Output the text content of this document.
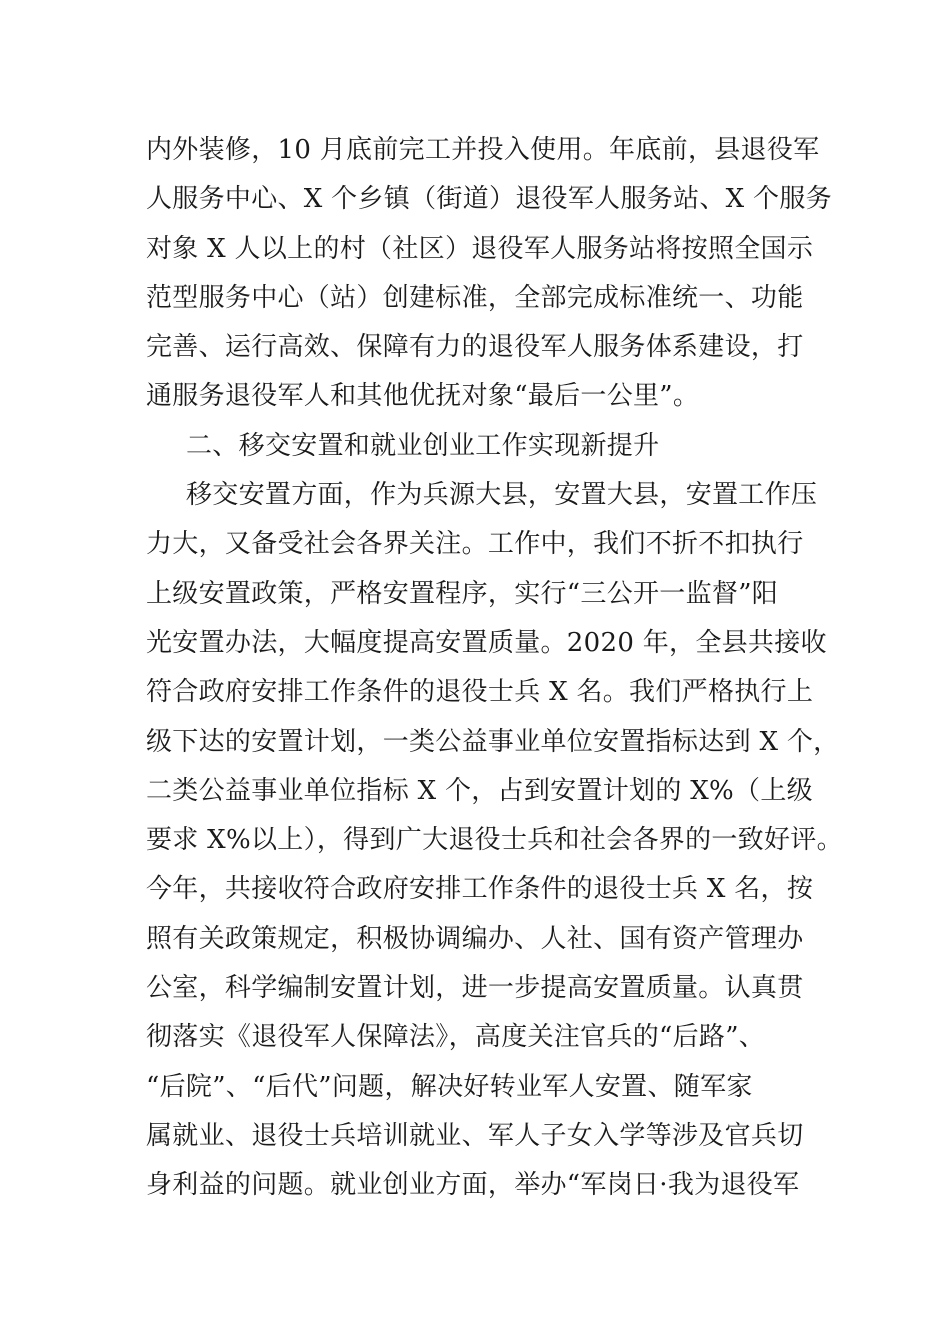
内外装修，10 月底前完工并投入使用。年底前，县退役军
人服务中心、X 个乡镇（街道）退役军人服务站、X 个服务
对象 X 人以上的村（社区）退役军人服务站将按照全国示
范型服务中心（站）创建标准，全部完成标准统一、功能
完善、运行高效、保障有力的退役军人服务体系建设，打
通服务退役军人和其他优抚对象“最后一公里”。
二、移交安置和就业创业工作实现新提升
移交安置方面，作为兵源大县，安置大县，安置工作压
力大，又备受社会各界关注。工作中，我们不折不扣执行
上级安置政策，严格安置程序，实行“三公开一监督”阳
光安置办法，大幅度提高安置质量。2020 年，全县共接收
符合政府安排工作条件的退役士兵 X 名。我们严格执行上
级下达的安置计划，一类公益事业单位安置指标达到 X 个，
二类公益事业单位指标 X 个，占到安置计划的 X%（上级
要求 X%以上），得到广大退役士兵和社会各界的一致好评。
今年，共接收符合政府安排工作条件的退役士兵 X 名，按
照有关政策规定，积极协调编办、人社、国有资产管理办
公室，科学编制安置计划，进一步提高安置质量。认真贯
彻落实《退役军人保障法》，高度关注官兵的“后路”、
“后院”、“后代”问题，解决好转业军人安置、随军家
属就业、退役士兵培训就业、军人子女入学等涉及官兵切
身利益的问题。就业创业方面，举办“军岗日·我为退役军
